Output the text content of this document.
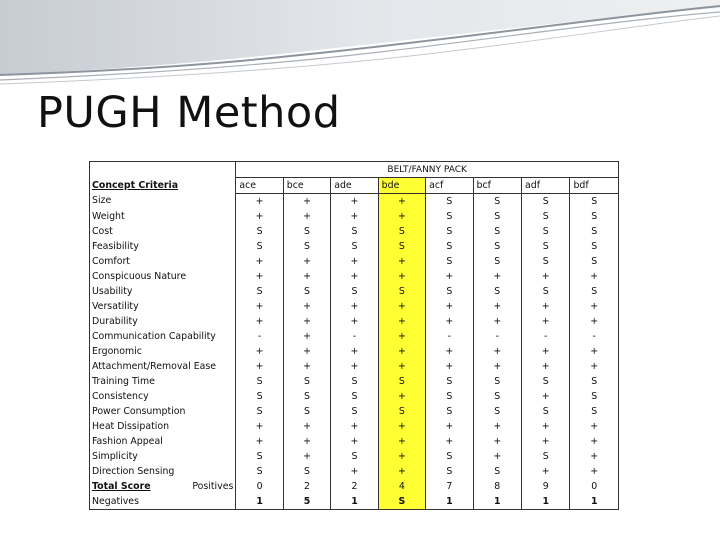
PUGH Method
	BELT/FANNY PACK							
Concept Criteria	ace	bce	ade	bde	acf	bcf	adf	bdf
Size	+	+	+	+	S	S	S	S
Weight	+	+	+	+	S	S	S	S
Cost	S	S	S	S	S	S	S	S
Feasibility	S	S	S	S	S	S	S	S
Comfort	+	+	+	+	S	S	S	S
Conspicuous Nature	+	+	+	+	+	+	+	+
Usability	S	S	S	S	S	S	S	S
Versatility	+	+	+	+	+	+	+	+
Durability	+	+	+	+	+	+	+	+
Communication Capability	-	+	-	+	-	-	-	-
Ergonomic	+	+	+	+	+	+	+	+
Attachment/Removal Ease	+	+	+	+	+	+	+	+
Training Time	S	S	S	S	S	S	S	S
Consistency	S	S	S	+	S	S	+	S
Power Consumption	S	S	S	S	S	S	S	S
Heat Dissipation	+	+	+	+	+	+	+	+
Fashion Appeal	+	+	+	+	+	+	+	+
Simplicity	S	+	S	+	S	+	S	+
Direction Sensing	S	S	+	+	S	S	+	+
Total Score Positives	0	2	2	4	7	8	9	0
Negatives	1	5	1	S	1	1	1	1
